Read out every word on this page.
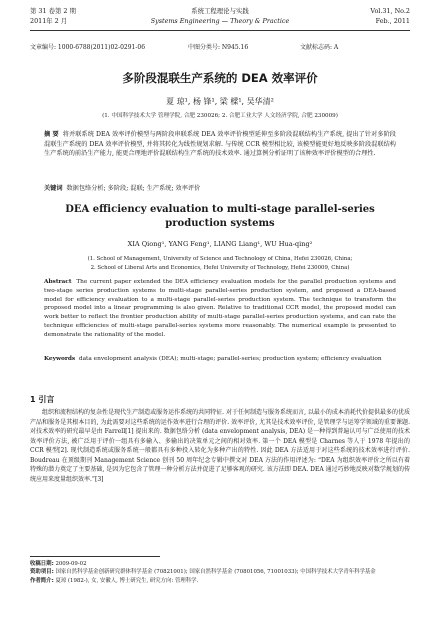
第 31 卷第 2 期	系统工程理论与实践	Vol.31, No.2
2011年 2 月	Systems Engineering — Theory & Practice	Feb., 2011
文章编号: 1000-6788(2011)02-0291-06	中图分类号: N945.16	文献标志码: A
多阶段混联生产系统的 DEA 效率评价
夏 琼¹, 杨 锋¹, 梁 樑¹, 吴华清²
(1. 中国科学技术大学 管理学院, 合肥 230026; 2. 合肥工业大学 人文经济学院, 合肥 230009)
摘 要 将并联系统 DEA 效率评价模型与两阶段串联系统 DEA 效率评价模型延伸至多阶段混联结构生产系统, 提出了针对多阶段混联生产系统的 DEA 效率评价模型, 并将其转化为线性规划求解. 与传统 CCR 模型相比较, 该模型能更好地反映多阶段混联结构生产系统的前沿生产能力, 能更合理地评价混联结构生产系统的技术效率. 通过算例分析证明了该种效率评价模型的合理性.
关键词 数据包络分析; 多阶段; 混联; 生产系统; 效率评价
DEA efficiency evaluation to multi-stage parallel-series production systems
XIA Qiong¹, YANG Feng¹, LIANG Liang¹, WU Hua-qing²
(1. School of Management, University of Science and Technology of China, Hefei 230026, China;
2. School of Liberal Arts and Economics, Hefei University of Technology, Hefei 230009, China)
Abstract The current paper extended the DEA efficiency evaluation models for the parallel production systems and two-stage series production systems to multi-stage parallel-series production system, and proposed a DEA-based model for efficiency evaluation to a multi-stage parallel-series production system. The technique to transform the proposed model into a linear programming is also given. Relative to traditional CCR model, the proposed model can work better to reflect the frontier production ability of multi-stage parallel-series production systems, and can rate the technique efficiencies of multi-stage parallel-series systems more reasonably. The numerical example is presented to demonstrate the rationality of the model.
Keywords data envelopment analysis (DEA); multi-stage; parallel-series; production system; efficiency evaluation
1 引言
组织和流程结构的复杂性是现代生产制造或服务运作系统的共同特征. 对于任何制造与服务系统而言, 以最小的成本消耗代价提供最多的优质产品和服务是其根本目的, 为此需要对这些系统的运作效率进行合理的评价. 效率评价, 尤其是技术效率评价, 是管理学与运筹学领域的重要课题. 对技术效率的研究最早是由 Farrell[1] 提出来的. 数据包络分析 (data envelopment analysis, DEA) 是一种得到普遍认可与广泛使用的技术效率评价方法, 被广泛用于评价一组具有多输入、多输出的决策单元之间的相对效率. 第一个 DEA 模型是 Charnes 等人于 1978 年提出的 CCR 模型[2]. 现代制造系统或服务系统一般都具有多种投入转化为多种产出的特性. 因此 DEA 方法适用于对这些系统的技术效率进行评价. Boudreau 在顶级期刊 Management Science 创刊 50 周年纪念专辑中撰文对 DEA 方法的作用评述为: “DEA 为组织效率评价之所以有着特殊的潜力奠定了主要基础, 是因为它包含了管理一种分析方法并促进了足够客观的研究. 该方法即 DEA. DEA 通过巧妙地反映对数学规划的传统应用来度量组织效率.”[3]
收稿日期: 2009-09-02
资助项目: 国家自然科学基金创新研究群体科学基金 (70821001); 国家自然科学基金 (70801056, 71001033); 中国科学技术大学青年科学基金
作者简介: 夏琼 (1982-), 女, 安徽人, 博士研究生, 研究方向: 管理科学.
